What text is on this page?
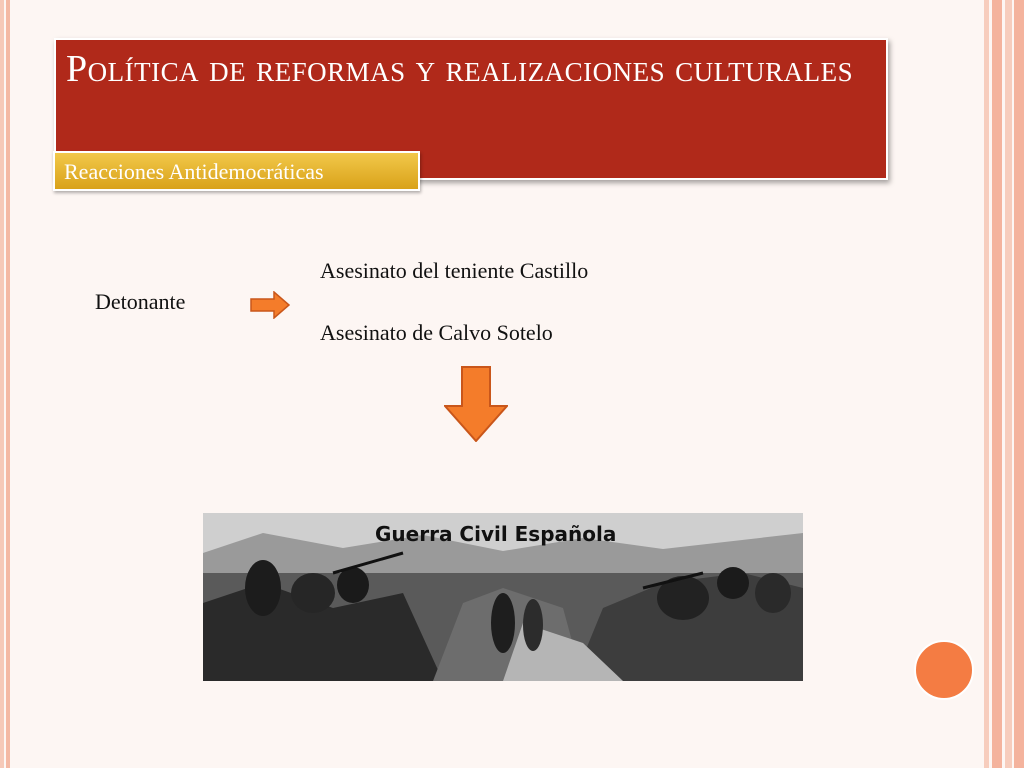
Política de reformas y realizaciones culturales
Reacciones Antidemocráticas
Asesinato del teniente Castillo
Detonante
Asesinato de Calvo Sotelo
Guerra Civil Española
